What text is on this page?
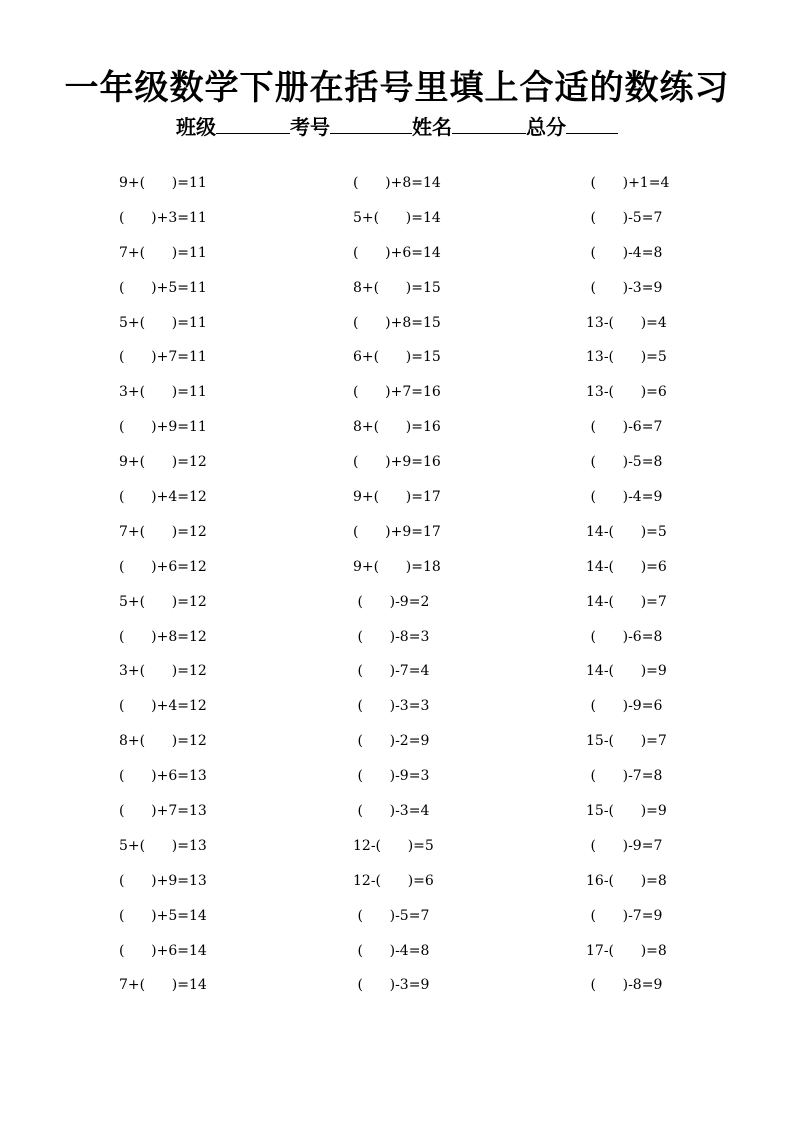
一年级数学下册在括号里填上合适的数练习
班级	考号	姓名	总分
9+(      )=11
(      )+3=11
7+(      )=11
(      )+5=11
5+(      )=11
(      )+7=11
3+(      )=11
(      )+9=11
9+(      )=12
(      )+4=12
7+(      )=12
(      )+6=12
5+(      )=12
(      )+8=12
3+(      )=12
(      )+4=12
8+(      )=12
(      )+6=13
(      )+7=13
5+(      )=13
(      )+9=13
(      )+5=14
(      )+6=14
7+(      )=14
(      )+8=14
5+(      )=14
(      )+6=14
8+(      )=15
(      )+8=15
6+(      )=15
(      )+7=16
8+(      )=16
(      )+9=16
9+(      )=17
(      )+9=17
9+(      )=18
(      )-9=2
(      )-8=3
(      )-7=4
(      )-3=3
(      )-2=9
(      )-9=3
(      )-3=4
12-(      )=5
12-(      )=6
(      )-5=7
(      )-4=8
(      )-3=9
(      )+1=4
(      )-5=7
(      )-4=8
(      )-3=9
13-(      )=4
13-(      )=5
13-(      )=6
(      )-6=7
(      )-5=8
(      )-4=9
14-(      )=5
14-(      )=6
14-(      )=7
(      )-6=8
14-(      )=9
(      )-9=6
15-(      )=7
(      )-7=8
15-(      )=9
(      )-9=7
16-(      )=8
(      )-7=9
17-(      )=8
(      )-8=9
